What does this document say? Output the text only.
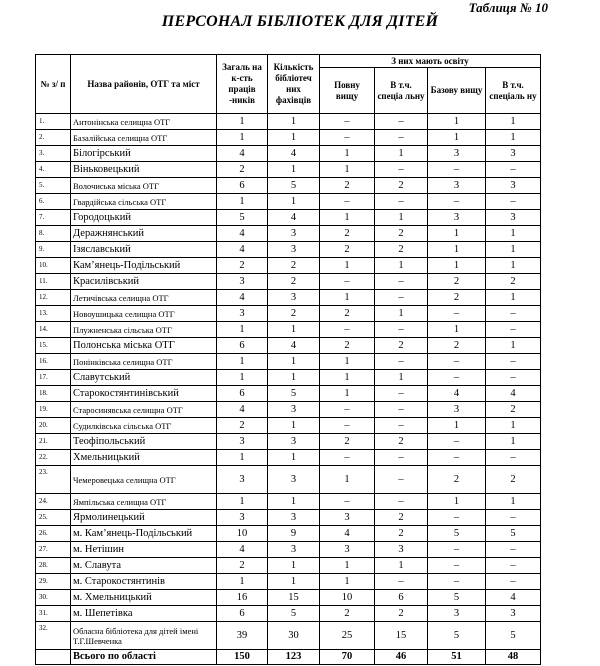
Таблиця № 10
ПЕРСОНАЛ БІБЛІОТЕК ДЛЯ ДІТЕЙ
№ з/ п	Назва районів, ОТГ та міст	Загаль на к-сть праців -ників	Кількість бібліотеч них фахівців	З них мають освіту			
				Повну вищу	В т.ч. спеціа льну	Базову вищу	В т.ч. спеціаль ну
1.	Антонінська селищна ОТГ	1	1	–	–	1	1
2.	Базалійська селищна ОТГ	1	1	–	–	1	1
3.	Білогірський	4	4	1	1	3	3
4.	Віньковецький	2	1	1	–	–	–
5.	Волочиська міська ОТГ	6	5	2	2	3	3
6.	Гвардійська сільська ОТГ	1	1	–	–	–	–
7.	Городоцький	5	4	1	1	3	3
8.	Деражнянський	4	3	2	2	1	1
9.	Ізяславський	4	3	2	2	1	1
10.	Кам’янець-Подільський	2	2	1	1	1	1
11.	Красилівський	3	2	–	–	2	2
12.	Летичівська селищна ОТГ	4	3	1	–	2	1
13.	Новоушицька селищна ОТГ	3	2	2	1	–	–
14.	Плужненська сільська ОТГ	1	1	–	–	1	–
15.	Полонська міська ОТГ	6	4	2	2	2	1
16.	Понінківська селищна ОТГ	1	1	1	–	–	–
17.	Славутський	1	1	1	1	–	–
18.	Старокостянтинівський	6	5	1	–	4	4
19.	Старосинявська селищна ОТГ	4	3	–	–	3	2
20.	Судилківська сільська ОТГ	2	1	–	–	1	1
21.	Теофіпольський	3	3	2	2	–	1
22.	Хмельницький	1	1	–	–	–	–
23.	Чемеровецька селищна ОТГ	3	3	1	–	2	2
24.	Ямпільська селищна ОТГ	1	1	–	–	1	1
25.	Ярмолинецький	3	3	3	2	–	–
26.	м. Кам’янець-Подільський	10	9	4	2	5	5
27.	м. Нетішин	4	3	3	3	–	–
28.	м. Славута	2	1	1	1	–	–
29.	м. Старокостянтинів	1	1	1	–	–	–
30.	м. Хмельницький	16	15	10	6	5	4
31.	м. Шепетівка	6	5	2	2	3	3
32.	Обласна бібліотека для дітей імені Т.Г.Шевченка	39	30	25	15	5	5
	Всього по області	150	123	70	46	51	48
